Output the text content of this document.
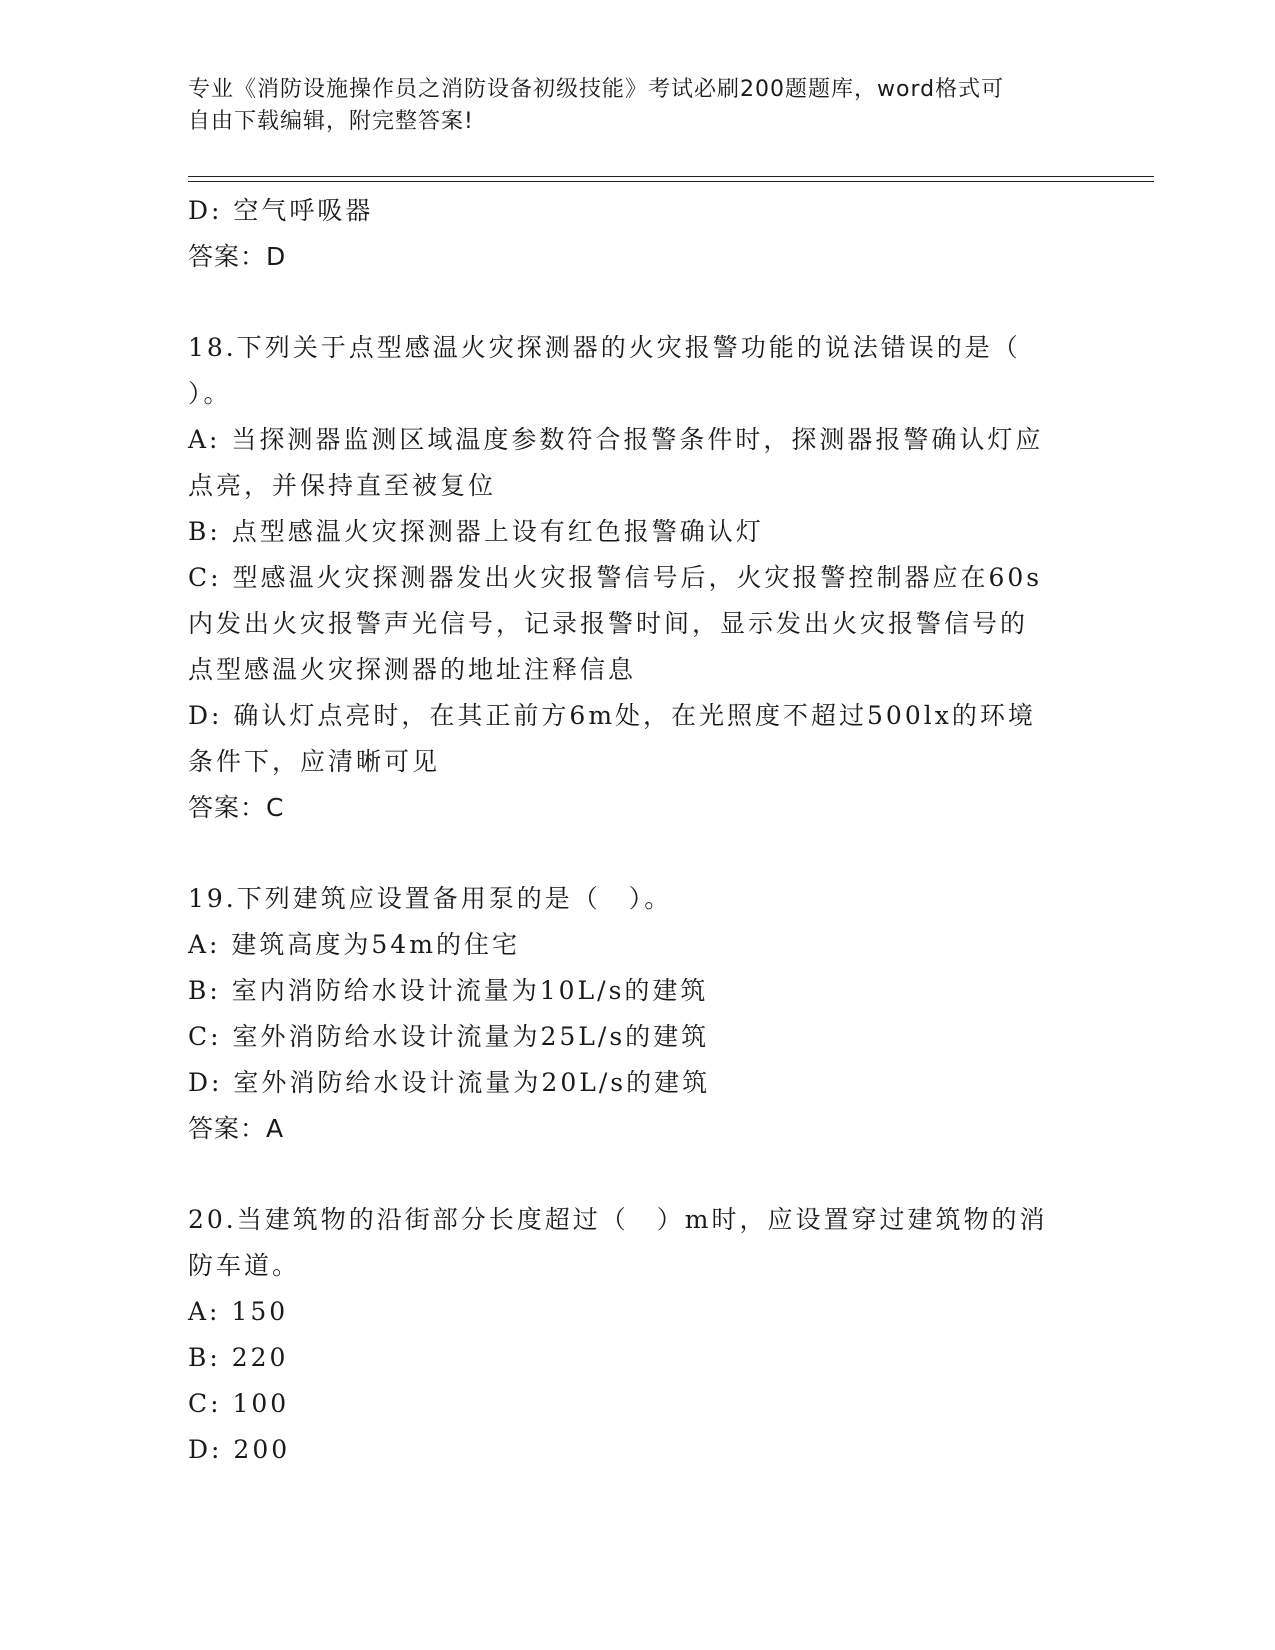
专业《消防设施操作员之消防设备初级技能》考试必刷200题题库，word格式可
自由下载编辑，附完整答案!
D: 空气呼吸器
答案：D
18.下列关于点型感温火灾探测器的火灾报警功能的说法错误的是（
）。
A: 当探测器监测区域温度参数符合报警条件时，探测器报警确认灯应
点亮，并保持直至被复位
B: 点型感温火灾探测器上设有红色报警确认灯
C: 型感温火灾探测器发出火灾报警信号后，火灾报警控制器应在60s
内发出火灾报警声光信号，记录报警时间，显示发出火灾报警信号的
点型感温火灾探测器的地址注释信息
D: 确认灯点亮时，在其正前方6m处，在光照度不超过500lx的环境
条件下，应清晰可见
答案：C
19.下列建筑应设置备用泵的是（　）。
A: 建筑高度为54m的住宅
B: 室内消防给水设计流量为10L/s的建筑
C: 室外消防给水设计流量为25L/s的建筑
D: 室外消防给水设计流量为20L/s的建筑
答案：A
20.当建筑物的沿街部分长度超过（　）m时，应设置穿过建筑物的消
防车道。
A: 150
B: 220
C: 100
D: 200
